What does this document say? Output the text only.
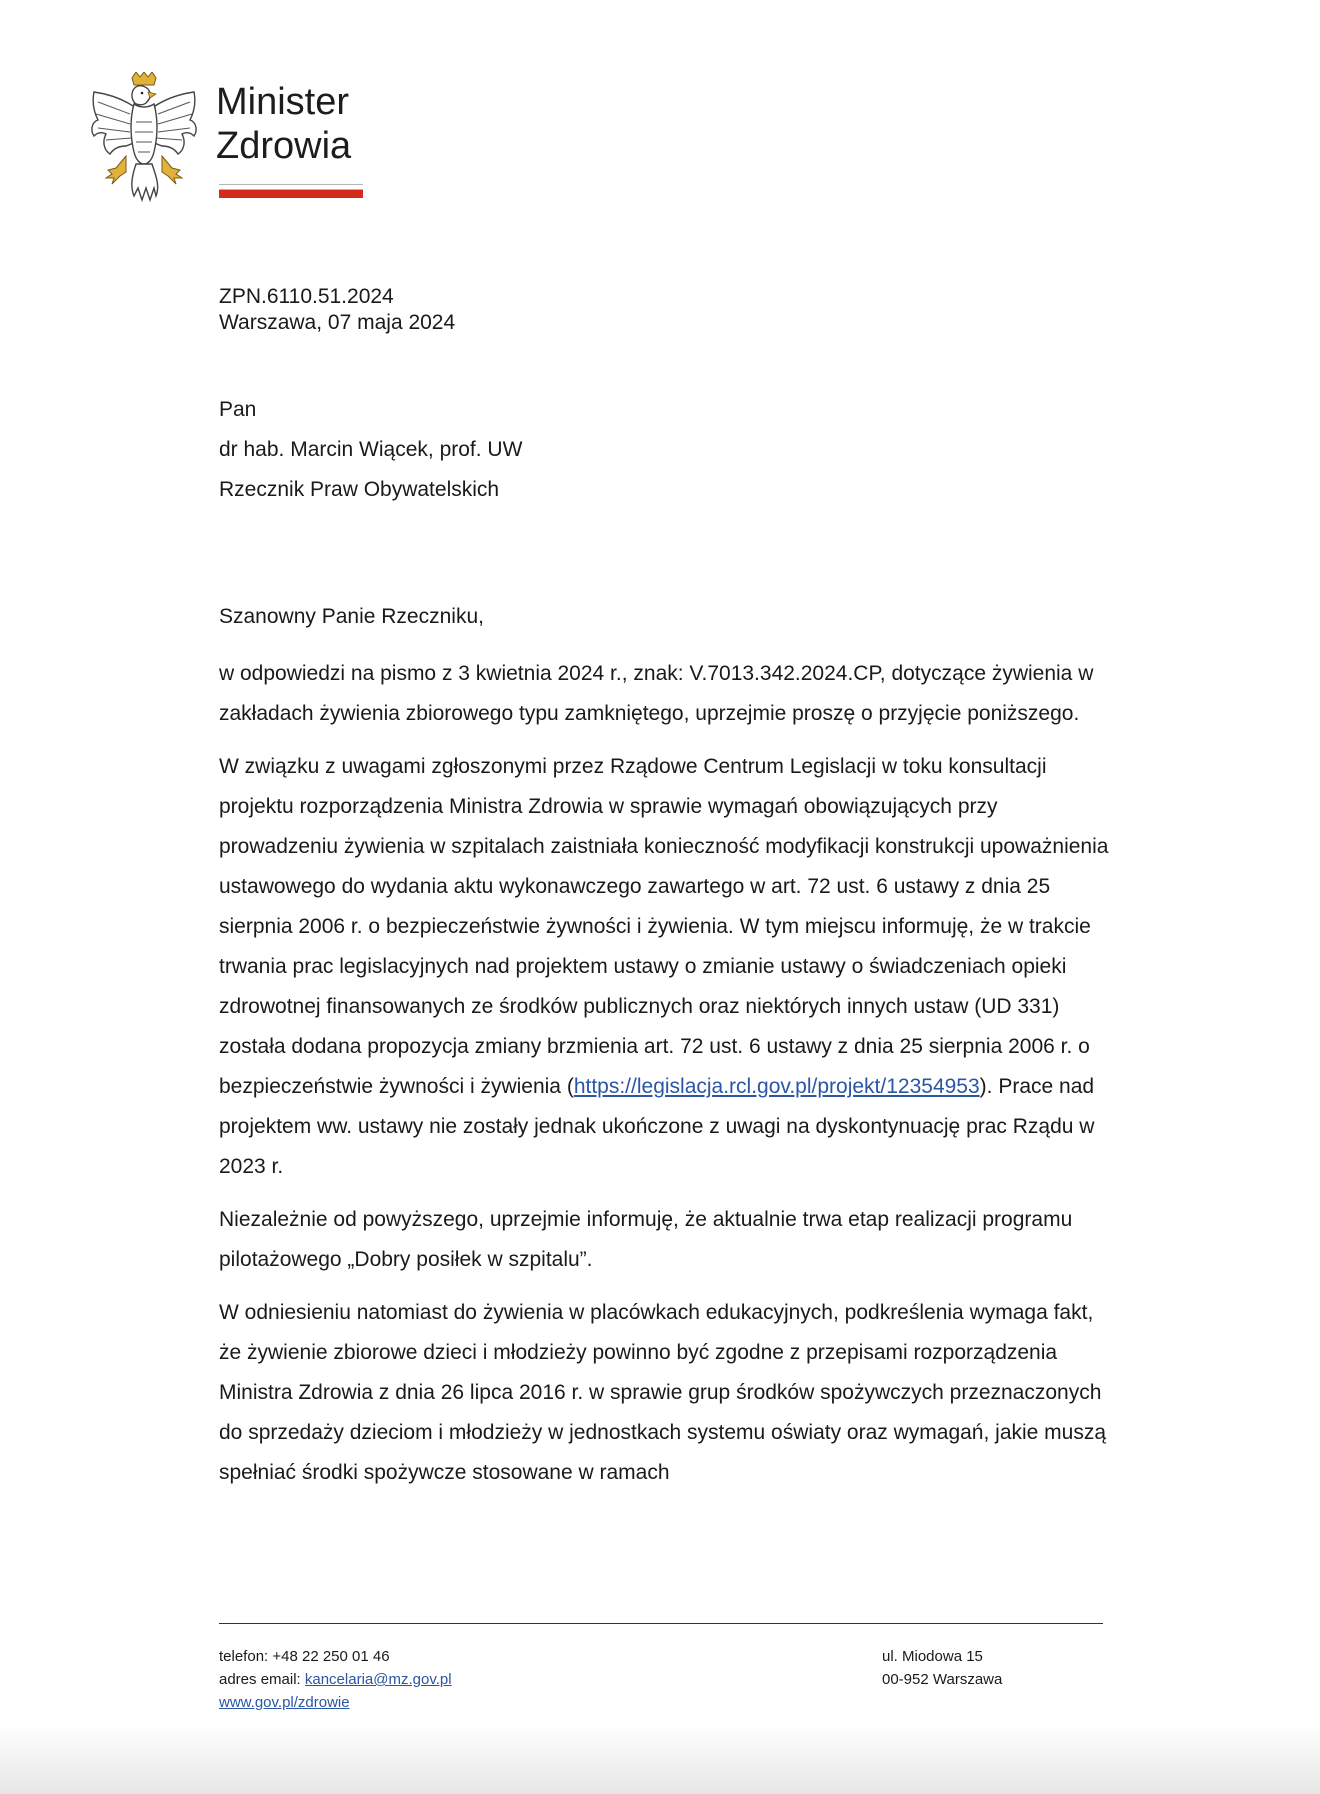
Minister
Zdrowia
ZPN.6110.51.2024
Warszawa, 07 maja 2024
Pan
dr hab. Marcin Wiącek, prof. UW
Rzecznik Praw Obywatelskich
Szanowny Panie Rzeczniku,

w odpowiedzi na pismo z 3 kwietnia 2024 r., znak: V.7013.342.2024.CP, dotyczące żywienia w zakładach żywienia zbiorowego typu zamkniętego, uprzejmie proszę o przyjęcie poniższego.

W związku z uwagami zgłoszonymi przez Rządowe Centrum Legislacji w toku konsultacji projektu rozporządzenia Ministra Zdrowia w sprawie wymagań obowiązujących przy prowadzeniu żywienia w szpitalach zaistniała konieczność modyfikacji konstrukcji upoważnienia ustawowego do wydania aktu wykonawczego zawartego w art. 72 ust. 6 ustawy z dnia 25 sierpnia 2006 r. o bezpieczeństwie żywności i żywienia. W tym miejscu informuję, że w trakcie trwania prac legislacyjnych nad projektem ustawy o zmianie ustawy o świadczeniach opieki zdrowotnej finansowanych ze środków publicznych oraz niektórych innych ustaw (UD 331) została dodana propozycja zmiany brzmienia art. 72 ust. 6 ustawy z dnia 25 sierpnia 2006 r. o bezpieczeństwie żywności i żywienia (https://legislacja.rcl.gov.pl/projekt/12354953). Prace nad projektem ww. ustawy nie zostały jednak ukończone z uwagi na dyskontynuację prac Rządu w 2023 r.

Niezależnie od powyższego, uprzejmie informuję, że aktualnie trwa etap realizacji programu pilotażowego „Dobry posiłek w szpitalu”.

W odniesieniu natomiast do żywienia w placówkach edukacyjnych, podkreślenia wymaga fakt, że żywienie zbiorowe dzieci i młodzieży powinno być zgodne z przepisami rozporządzenia Ministra Zdrowia z dnia 26 lipca 2016 r. w sprawie grup środków spożywczych przeznaczonych do sprzedaży dzieciom i młodzieży w jednostkach systemu oświaty oraz wymagań, jakie muszą spełniać środki spożywcze stosowane w ramach

telefon: +48 22 250 01 46
adres email: kancelaria@mz.gov.pl
www.gov.pl/zdrowie
ul. Miodowa 15
00-952 Warszawa
